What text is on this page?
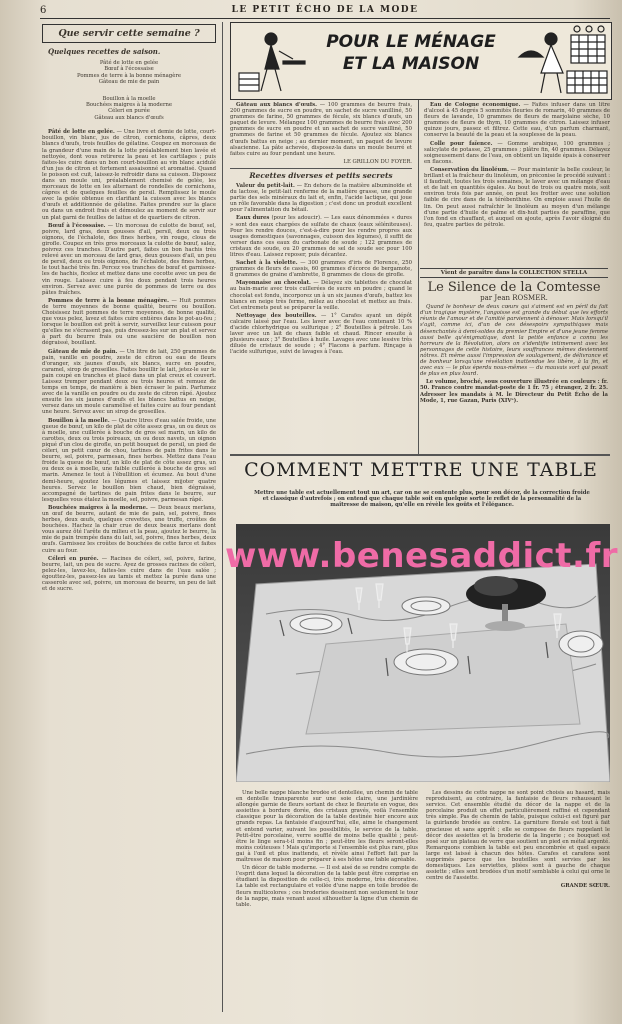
6	LE PETIT ÉCHO DE LA MODE
Que servir cette semaine ?
Quelques recettes de saison.
Pâté de lotte en gelée
Bœuf à l'écossaise
Pommes de terre à la bonne ménagère
Gâteau de mie de pain
Bouillon à la moelle
Bouchées maigres à la moderne
Céleri en purée
Gâteau aux blancs d'œufs

Pâté de lotte en gelée. — Une livre et demie de lotte, court-bouillon, vin blanc, jus de citron, cornichons, câpres, deux blancs d'œufs, trois feuilles de gélatine. Coupez en morceaux de la grandeur d'une main de la lotte préalablement bien lavée et nettoyée, dont vous retirerez la peau et les cartilages ; puis faites-les cuire dans un bon court-bouillon au vin blanc acidulé d'un jus de citron et fortement assaisonné et aromatisé. Quand le poisson est cuit, laissez-le refroidir dans sa cuisson. Disposez dans un moule uni, préalablement chemisé de gelée, les morceaux de lotte en les alternant de rondelles de cornichons, câpres et de quelques feuilles de persil. Remplissez le moule avec la gelée obtenue en clarifiant la cuisson avec les blancs d'œufs et additionnée de gélatine. Faites prendre sur la glace ou dans un endroit frais et démoulez au moment de servir sur un plat garni de feuilles de laitue et de quartiers de citron.

Bœuf à l'écossaise. — Un morceau de culotte de bœuf, sel, poivre, lard gras, deux gousses d'ail, persil, deux ou trois oignons, de l'échalote, des fines herbes, vin rouge, clous de girofle. Coupez en très gros morceaux la culotte de bœuf, salez, poivrez ces tranches. D'autre part, faites un bon hachis très relevé avec un morceau de lard gras, deux gousses d'ail, un peu de persil, deux ou trois oignons, de l'échalote, des fines herbes, le tout haché très fin. Percez vos tranches de bœuf et garnissez-les de hachis, ficelez et mettez dans une cocotte avec un peu de vin rouge. Laissez cuire à feu doux pendant trois heures environ. Servez avec une purée de pommes de terre ou des pâtes fraîches.

Pommes de terre à la bonne ménagère. — Huit pommes de terre moyennes de bonne qualité, beurre ou bouillon. Choisissez huit pommes de terre moyennes, de bonne qualité, que vous pelez, lavez et faites cuire entières dans le pot-au-feu ; lorsque le bouillon est prêt à servir, surveillez leur cuisson pour qu'elles ne s'écrasent pas, puis dressez-les sur un plat et servez à part du beurre frais ou une saucière de bouillon non dégraissé, bouillant.

Gâteau de mie de pain. — Un litre de lait, 250 grammes de pain, vanille en poudre, zeste de citron ou eau de fleurs d'oranger, six jaunes d'œufs, six blancs, sucre en poudre, caramel, sirop de groseilles. Faites bouillir le lait, jetez-le sur le pain coupé en tranches et placé dans un plat creux et couvert. Laissez tremper pendant deux ou trois heures et remuez de temps en temps, de manière à bien écraser le pain. Parfumez avec de la vanille en poudre ou du zeste de citron râpé. Ajoutez ensuite les six jaunes d'œufs et les blancs battus en neige, versez dans un moule caramélisé et faites cuire au four pendant une heure. Servez avec un sirop de groseilles.

Bouillon à la moelle. — Quatre litres d'eau salée froide, une queue de bœuf, un kilo de plat de côte assez gras, un ou deux os à moelle, une cuillerée à bouche de gros sel marin, un kilo de carottes, deux ou trois poireaux, un ou deux navets, un oignon piqué d'un clou de girofle, un petit bouquet de persil, un pied de céleri, un petit cœur de chou, tartines de pain frites dans le beurre, sel, poivre, parmesan, fines herbes. Mettez dans l'eau froide la queue de bœuf, un kilo de plat de côte assez gras, un ou deux os à moelle, une faible cuillerée à bouche de gros sel marin. Amenez le tout à l'ébullition et écumez. Au bout d'une demi-heure, ajoutez les légumes et laissez mijoter quatre heures. Servez le bouillon bien chaud, bien dégraissé, accompagné de tartines de pain frites dans le beurre, sur lesquelles vous étalez la moelle, sel, poivre, parmesan râpé.

Bouchées maigres à la moderne. — Deux beaux merlans, un œuf de beurre, autant de mie de pain, sel, poivre, fines herbes, deux œufs, quelques crevettes, une truffe, croûtes de bouchées. Hachez la chair crue de deux beaux merlans dont vous aurez ôté l'arête du milieu et la peau, ajoutez le beurre, la mie de pain trempée dans du lait, sel, poivre, fines herbes, deux œufs. Garnissez les croûtes de bouchées de cette farce et faites cuire au four.

Céleri en purée. — Racines de céleri, sel, poivre, farine, beurre, lait, un peu de sucre. Ayez de grosses racines de céleri, pelez-les, lavez-les, faites-les cuire dans de l'eau salée ; égouttez-les, passez-les au tamis et mettez la purée dans une casserole avec sel, poivre, un morceau de beurre, un peu de lait et de sucre.

POUR LE MÉNAGE
ET LA MAISON

Gâteau aux blancs d'œufs. — 100 grammes de beurre frais, 200 grammes de sucre en poudre, un sachet de sucre vanilliné, 50 grammes de farine, 50 grammes de fécule, six blancs d'œufs, un paquet de levure. Mélangez 100 grammes de beurre frais avec 200 grammes de sucre en poudre et un sachet de sucre vanilliné, 50 grammes de farine et 50 grammes de fécule. Ajoutez six blancs d'œufs battus en neige ; au dernier moment, un paquet de levure alsacienne. La pâte achevée, disposez-la dans un moule beurré et faites cuire au four pendant une heure.

LE GRILLON DU FOYER.
Recettes diverses et petits secrets

Valeur du petit-lait. — En dehors de la matière albuminoïde et du lactose, le petit-lait renferme de la matière grasse, une grande partie des sels minéraux du lait et, enfin, l'acide lactique, qui joue un rôle favorable dans la digestion ; c'est donc un produit excellent pour l'alimentation du bétail.

Eaux dures (pour les adoucir). — Les eaux dénommées « dures » sont des eaux chargées de sulfate de chaux (eaux séléniteuses). Pour les rendre douces, c'est-à-dire pour les rendre propres aux usages domestiques (savonnages, cuisson des légumes), il suffit de verser dans ces eaux du carbonate de soude ; 122 grammes de cristaux de soude, ou 20 grammes de sel de soude sec pour 100 litres d'eau. Laissez reposer, puis décantez.

Sachet à la violette. — 300 grammes d'iris de Florence, 250 grammes de fleurs de cassis, 60 grammes d'écorce de bergamote, 8 grammes de graine d'ambrette, 8 grammes de clous de girofle.

Mayonnaise au chocolat. — Délayez six tablettes de chocolat au bain-marie avec trois cuillerées de sucre en poudre ; quand le chocolat est fondu, incorporez un à un six jaunes d'œufs, battez les blancs en neige très ferme, mêlez au chocolat et mettez au frais. Cet entremets peut se préparer la veille.

Nettoyage des bouteilles. — 1° Carafes ayant un dépôt calcaire laissé par l'eau. Les laver avec de l'eau contenant 10 % d'acide chlorhydrique ou sulfurique ; 2° Bouteilles à pétrole. Les laver avec un lait de chaux faible et chaud. Rincer ensuite à plusieurs eaux ; 3° Bouteilles à huile. Lavages avec une lessive très diluée de cristaux de soude ; 4° Flacons à parfum. Rinçage à l'acide sulfurique, suivi de lavages à l'eau.

Eau de Cologne économique. — Faites infuser dans un litre d'alcool à 45 degrés 5 sommités fleuries de romarin, 40 grammes de fleurs de lavande, 10 grammes de fleurs de marjolaine sèche, 10 grammes de fleurs de thym, 10 grammes de citron. Laissez infuser quinze jours, passez et filtrez. Cette eau, d'un parfum charmant, conserve la beauté de la peau et la souplesse de la peau.

Colle pour faïence. — Gomme arabique, 100 grammes ; salicylate de potasse, 25 grammes ; plâtre fin, 40 grammes. Délayez soigneusement dans de l'eau, on obtient un liquide épais à conserver en flacons.

Conservation du linoléum. — Pour maintenir la belle couleur, le brillant et la fraîcheur du linoléum, on préconise le procédé suivant : il faudrait, toutes les trois semaines, le laver avec un mélange d'eau et de lait en quantités égales. Au bout de trois ou quatre mois, soit environ trois fois par année, on peut les frotter avec une solution faible de cire dans de la térébenthine. On emploie aussi l'huile de lin. On peut aussi rafraîchir le linoléum au moyen d'un mélange d'une partie d'huile de palme et dix-huit parties de paraffine, que l'on fond en chauffant, et auquel on ajoute, après l'avoir éloigné du feu, quatre parties de pétrole.

Vient de paraître dans la COLLECTION STELLA
Le Silence de la Comtesse
par Jean ROSMER.

Quand le bonheur de deux cœurs qui s'aiment est en péril du fait d'un tragique mystère, l'angoisse est grande du début que les efforts réunis de l'amour et de l'amitié parviennent à dénouer. Mais lorsqu'il s'agit, comme ici, d'un de ces désespoirs sympathiques mais désenchantés à demi-soldes du premier Empire et d'une jeune femme aussi belle qu'énigmatique, dont la petite enfance a connu les horreurs de la Révolution, alors on s'identifie intimement avec les personnages de cette histoire, leurs souffrances mêmes deviennent nôtres. Et même aussi l'impression de soulagement, de délivrance et de bonheur lorsqu'une révélation inattendue les libère, à la fin, et avec eux — le plus éperdu nous-mêmes — du mauvais sort qui pesait de plus en plus lourd.

Le volume, broché, sous couverture illustrée en couleurs : fr. 50. Franco contre mandat-poste de 1 fr. 75 ; étranger, 2 fr. 25. Adresser les mandats à M. le Directeur du Petit Écho de la Mode, 1, rue Gazan, Paris (XIVᵉ).

COMMENT METTRE UNE TABLE
Mettre une table est actuellement tout un art, car on ne se contente plus, pour son décor, de la correction froide et classique d'autrefois ; on entend que chaque table soit en quelque sorte le reflet de la personnalité de la maîtresse de maison, qu'elle en révèle les goûts et l'élégance.
www.benesaddict.fr

Une belle nappe blanche brodée et dentellée, un chemin de table en dentelle transparente sur une soie claire, une jardinière allongée garnie de fleurs sortant de chez le fleuriste en vogue, des assiettes à bordure dorée, des cristaux gravés, voilà l'ensemble classique pour la décoration de la table destinée hier encore aux grands repas. La fantaisie d'aujourd'hui, elle, aime le changement et entend varier, suivant les possibilités, le service de la table. Petit-être porcelaine, verre soufflé de moins belle qualité ; peut-être le linge sera-t-il moins fin ; peut-être les fleurs seront-elles moins coûteuses ! Mais qu'importe si l'ensemble est plus rare, plus gai à l'œil et plus inattendu, et révèle ainsi l'effort fait par la maîtresse de maison pour préparer à ses hôtes une table agréable.

Un décor de table moderne. — Il est aisé de se rendre compte de l'esprit dans lequel la décoration de la table peut être comprise en étudiant la disposition de celle-ci, très moderne, très décorative. La table est rectangulaire et voilée d'une nappe en toile brodée de fleurs multicolores ; ces broderies dessinent non seulement le tour de la nappe, mais venant aussi silhouetter la ligne d'un chemin de table.

Les dessins de cette nappe ne sont point choisis au hasard, mais reproduisent, au contraire, la fantaisie de fleurs rehaussant le service. Cet ensemble étudié du décor de la nappe et de la porcelaine produit un effet particulièrement raffiné et cependant très simple. Pas de chemin de table, puisque celui-ci est figuré par la guirlande brodée au centre. La garniture florale est tout à fait gracieuse et sans apprêt ; elle se compose de fleurs rappelant le décor des assiettes et la broderie de la lingerie ; ce bouquet est posé sur un plateau de verre que soutient un pied en métal argenté. Remarquons combien la table est peu encombrée et quel espace large est laissé à chacun des hôtes. Carafes et carafons sont supprimés parce que les bouteilles sont servies par les domestiques. Les serviettes, pliées sont à gauche de chaque assiette ; elles sont brodées d'un motif semblable à celui qui orne le centre de l'assiette.

GRANDE SŒUR.
